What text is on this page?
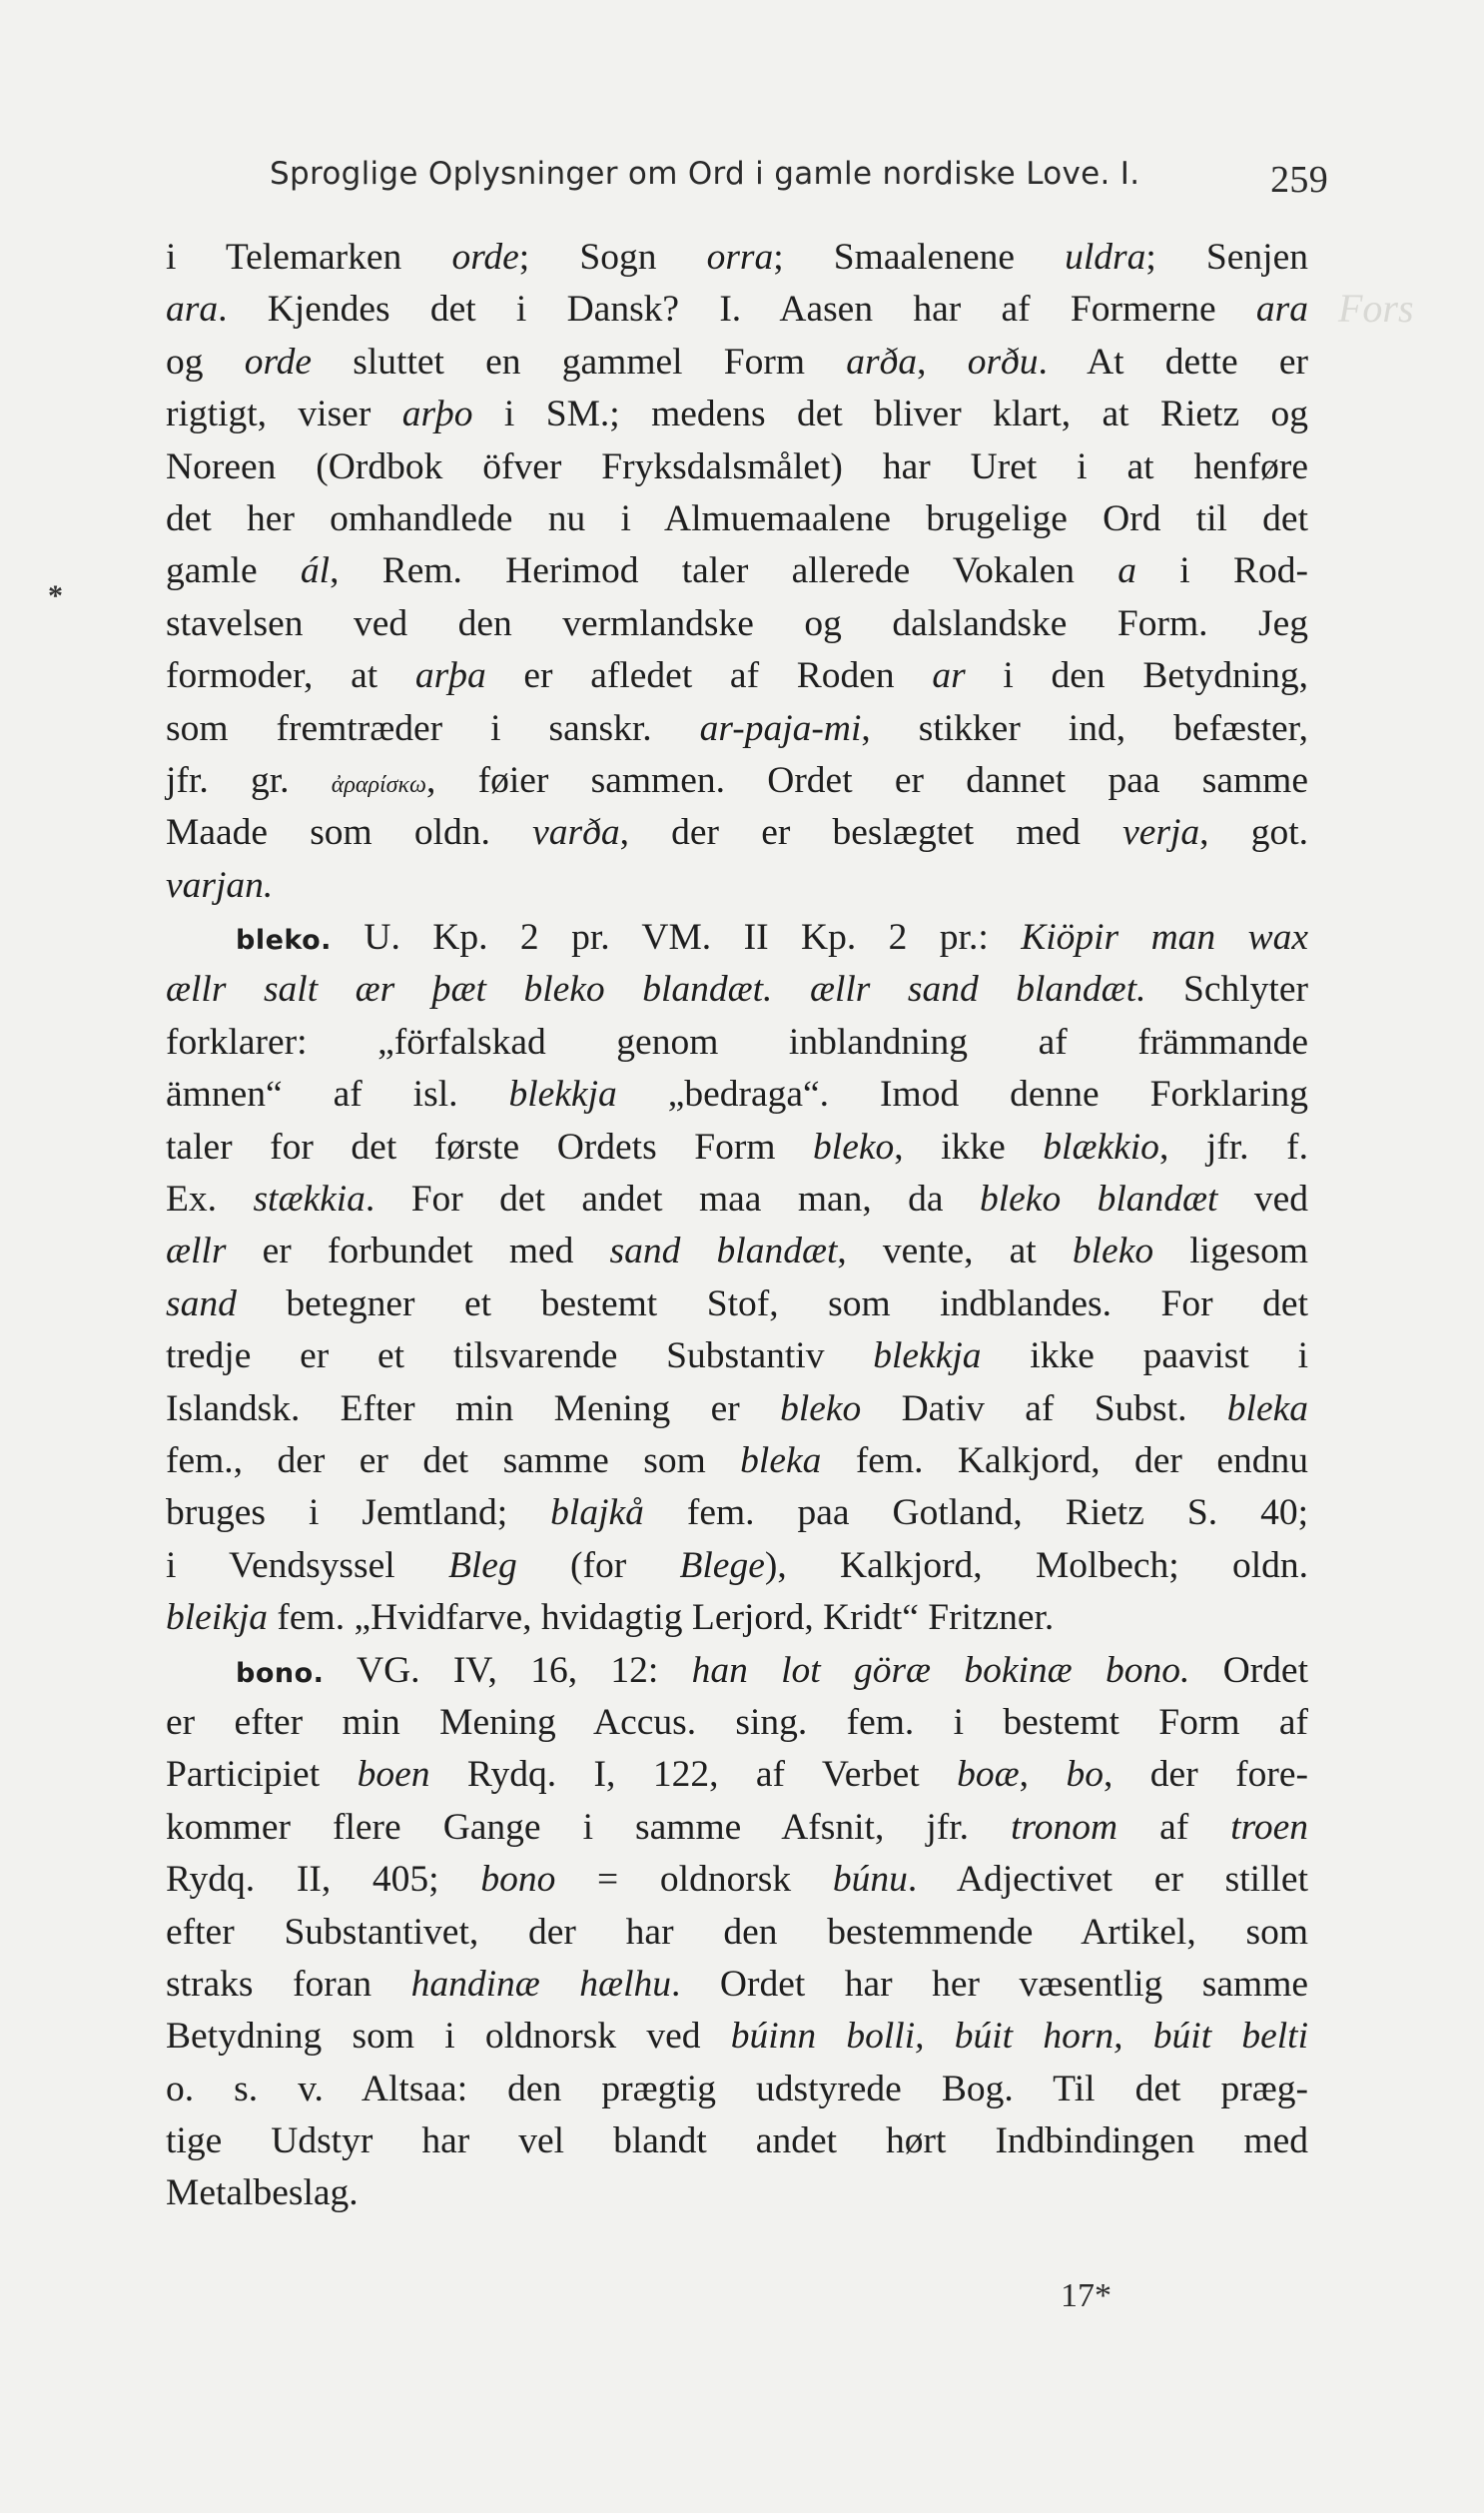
Sproglige Oplysninger om Ord i gamle nordiske Love. I.	259
Fors
*
i Telemarken orde; Sogn orra; Smaalenene uldra; Senjen
ara. Kjendes det i Dansk? I. Aasen har af Formerne ara
og orde sluttet en gammel Form arða, orðu. At dette er
rigtigt, viser arþo i SM.; medens det bliver klart, at Rietz og
Noreen (Ordbok öfver Fryksdalsmålet) har Uret i at henføre
det her omhandlede nu i Almuemaalene brugelige Ord til det
gamle ál, Rem. Herimod taler allerede Vokalen a i Rod-
stavelsen ved den vermlandske og dalslandske Form. Jeg
formoder, at arþa er afledet af Roden ar i den Betydning,
som fremtræder i sanskr. ar-paja-mi, stikker ind, befæster,
jfr. gr. ἀραρίσκω, føier sammen. Ordet er dannet paa samme
Maade som oldn. varða, der er beslægtet med verja, got.
varjan.
bleko. U. Kp. 2 pr. VM. II Kp. 2 pr.: Kiöpir man wax
ællr salt ær þæt bleko blandæt. ællr sand blandæt. Schlyter
forklarer: „förfalskad genom inblandning af främmande
ämnen“ af isl. blekkja „bedraga“. Imod denne Forklaring
taler for det første Ordets Form bleko, ikke blækkio, jfr. f.
Ex. stækkia. For det andet maa man, da bleko blandæt ved
ællr er forbundet med sand blandæt, vente, at bleko ligesom
sand betegner et bestemt Stof, som indblandes. For det
tredje er et tilsvarende Substantiv blekkja ikke paavist i
Islandsk. Efter min Mening er bleko Dativ af Subst. bleka
fem., der er det samme som bleka fem. Kalkjord, der endnu
bruges i Jemtland; blajkå fem. paa Gotland, Rietz S. 40;
i Vendsyssel Bleg (for Blege), Kalkjord, Molbech; oldn.
bleikja fem. „Hvidfarve, hvidagtig Lerjord, Kridt“ Fritzner.
bono. VG. IV, 16, 12: han lot göræ bokinæ bono. Ordet
er efter min Mening Accus. sing. fem. i bestemt Form af
Participiet boen Rydq. I, 122, af Verbet boæ, bo, der fore-
kommer flere Gange i samme Afsnit, jfr. tronom af troen
Rydq. II, 405; bono = oldnorsk búnu. Adjectivet er stillet
efter Substantivet, der har den bestemmende Artikel, som
straks foran handinæ hælhu. Ordet har her væsentlig samme
Betydning som i oldnorsk ved búinn bolli, búit horn, búit belti
o. s. v. Altsaa: den prægtig udstyrede Bog. Til det præg-
tige Udstyr har vel blandt andet hørt Indbindingen med
Metalbeslag.
17*
